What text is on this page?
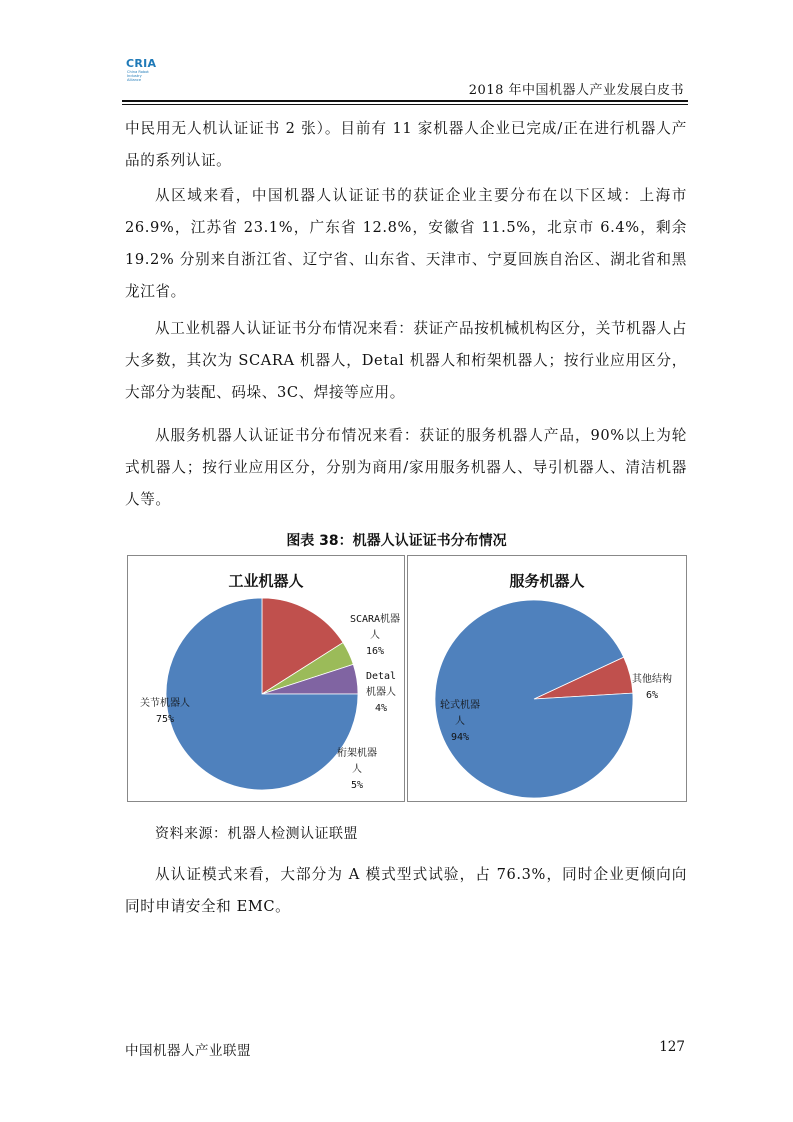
CRIA
China Robot Industry Alliance
2018 年中国机器人产业发展白皮书

中民用无人机认证证书 2 张）。目前有 11 家机器人企业已完成/正在进行机器人产品的系列认证。

从区域来看，中国机器人认证证书的获证企业主要分布在以下区域：上海市 26.9%，江苏省 23.1%，广东省 12.8%，安徽省 11.5%，北京市 6.4%，剩余 19.2% 分别来自浙江省、辽宁省、山东省、天津市、宁夏回族自治区、湖北省和黑龙江省。

从工业机器人认证证书分布情况来看：获证产品按机械机构区分，关节机器人占大多数，其次为 SCARA 机器人，Detal 机器人和桁架机器人；按行业应用区分，大部分为装配、码垛、3C、焊接等应用。

从服务机器人认证证书分布情况来看：获证的服务机器人产品，90%以上为轮式机器人；按行业应用区分，分别为商用/家用服务机器人、导引机器人、清洁机器人等。

图表 38：机器人认证证书分布情况
工业机器人
关节机器人
75%
SCARA机器人
16%
Detal机器人
4%
桁架机器人
5%
服务机器人
轮式机器人
94%
其他结构
6%
资料来源：机器人检测认证联盟

从认证模式来看，大部分为 A 模式型式试验，占 76.3%，同时企业更倾向向同时申请安全和 EMC。

中国机器人产业联盟	127
